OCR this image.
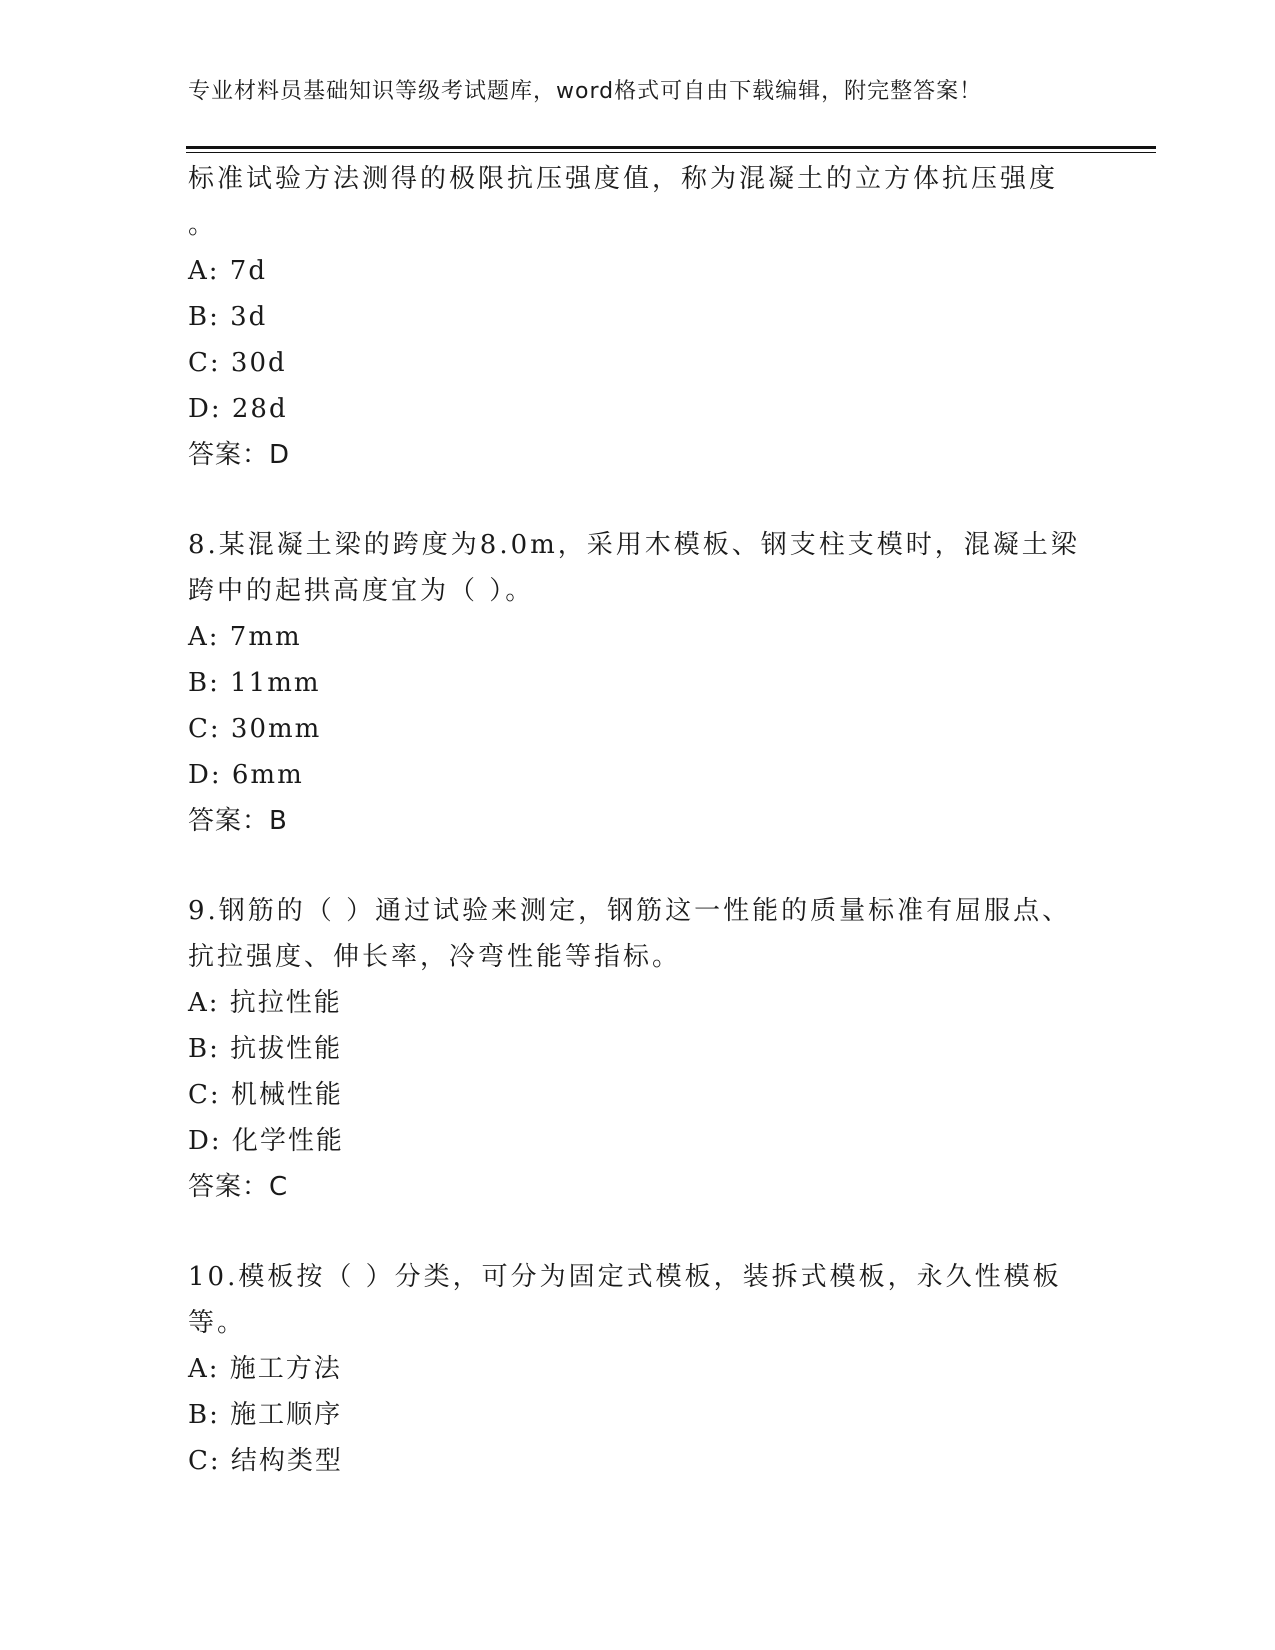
专业材料员基础知识等级考试题库，word格式可自由下载编辑，附完整答案！
标准试验方法测得的极限抗压强度值，称为混凝土的立方体抗压强度
。
A: 7d
B: 3d
C: 30d
D: 28d
答案：D
8.某混凝土梁的跨度为8.0m，采用木模板、钢支柱支模时，混凝土梁
跨中的起拱高度宜为（ ）。
A: 7mm
B: 11mm
C: 30mm
D: 6mm
答案：B
9.钢筋的（ ）通过试验来测定，钢筋这一性能的质量标准有屈服点、
抗拉强度、伸长率，冷弯性能等指标。
A: 抗拉性能
B: 抗拔性能
C: 机械性能
D: 化学性能
答案：C
10.模板按（ ）分类，可分为固定式模板，装拆式模板，永久性模板
等。
A: 施工方法
B: 施工顺序
C: 结构类型
